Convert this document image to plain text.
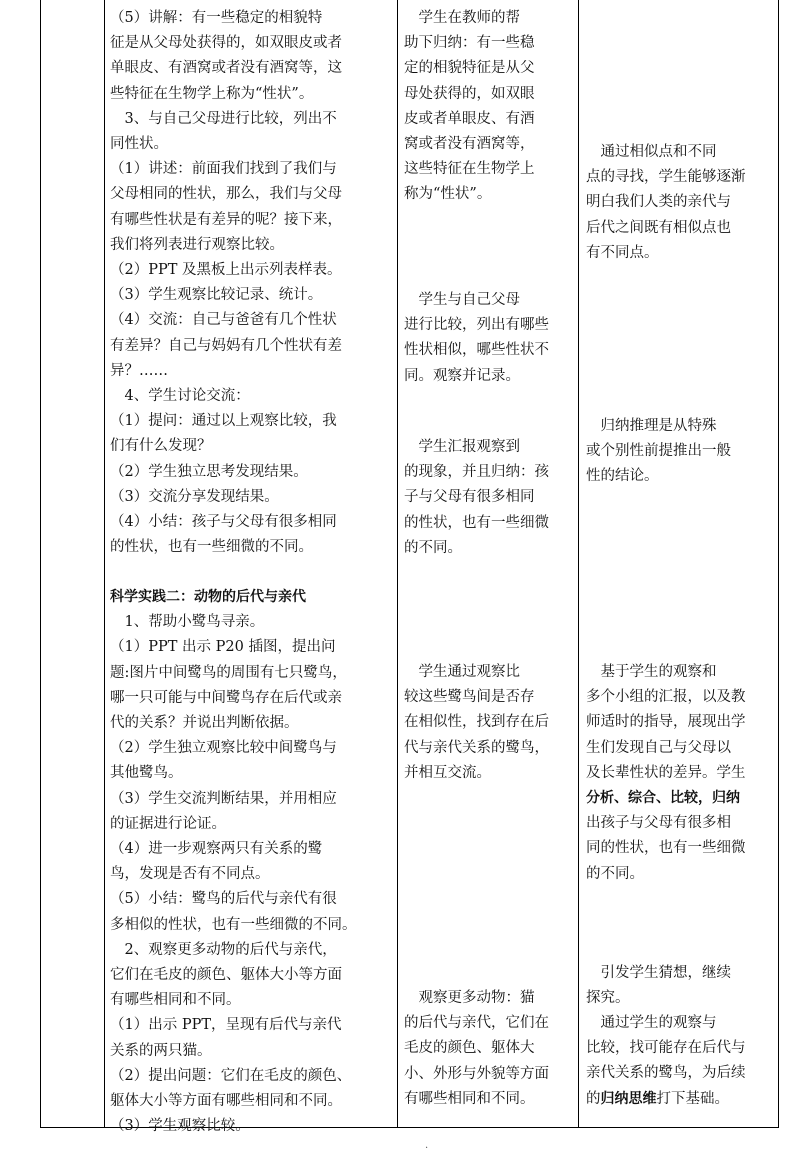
（5）讲解：有一些稳定的相貌特

征是从父母处获得的，如双眼皮或者

单眼皮、有酒窝或者没有酒窝等，这

些特征在生物学上称为“性状”。

　3、与自己父母进行比较，列出不

同性状。

（1）讲述：前面我们找到了我们与

父母相同的性状，那么，我们与父母

有哪些性状是有差异的呢？接下来，

我们将列表进行观察比较。

（2）PPT 及黑板上出示列表样表。

（3）学生观察比较记录、统计。

（4）交流：自己与爸爸有几个性状

有差异？自己与妈妈有几个性状有差

异？……

　4、学生讨论交流：

（1）提问：通过以上观察比较，我

们有什么发现？

（2）学生独立思考发现结果。

（3）交流分享发现结果。

（4）小结：孩子与父母有很多相同

的性状，也有一些细微的不同。

科学实践二：动物的后代与亲代

　1、帮助小鹭鸟寻亲。

（1）PPT 出示 P20 插图，提出问

题:图片中间鹭鸟的周围有七只鹭鸟，

哪一只可能与中间鹭鸟存在后代或亲

代的关系？并说出判断依据。

（2）学生独立观察比较中间鹭鸟与

其他鹭鸟。

（3）学生交流判断结果，并用相应

的证据进行论证。

（4）进一步观察两只有关系的鹭

鸟，发现是否有不同点。

（5）小结：鹭鸟的后代与亲代有很

多相似的性状，也有一些细微的不同。

　2、观察更多动物的后代与亲代，

它们在毛皮的颜色、躯体大小等方面

有哪些相同和不同。

（1）出示 PPT，呈现有后代与亲代

关系的两只猫。

（2）提出问题：它们在毛皮的颜色、

躯体大小等方面有哪些相同和不同。

（3）学生观察比较。

　学生在教师的帮

助下归纳：有一些稳

定的相貌特征是从父

母处获得的，如双眼

皮或者单眼皮、有酒

窝或者没有酒窝等，

这些特征在生物学上

称为“性状”。

　学生与自己父母

进行比较，列出有哪些

性状相似，哪些性状不

同。观察并记录。

　学生汇报观察到

的现象，并且归纳：孩

子与父母有很多相同

的性状，也有一些细微

的不同。

　学生通过观察比

较这些鹭鸟间是否存

在相似性，找到存在后

代与亲代关系的鹭鸟，

并相互交流。

　观察更多动物：猫

的后代与亲代，它们在

毛皮的颜色、躯体大

小、外形与外貌等方面

有哪些相同和不同。

　通过相似点和不同

点的寻找，学生能够逐渐

明白我们人类的亲代与

后代之间既有相似点也

有不同点。

　归纳推理是从特殊

或个别性前提推出一般

性的结论。

　基于学生的观察和

多个小组的汇报，以及教

师适时的指导，展现出学

生们发现自己与父母以

及长辈性状的差异。学生

分析、综合、比较，归纳

出孩子与父母有很多相

同的性状，也有一些细微

的不同。

　引发学生猜想，继续

探究。

　通过学生的观察与

比较，找可能存在后代与

亲代关系的鹭鸟，为后续

的归纳思维打下基础。

.
